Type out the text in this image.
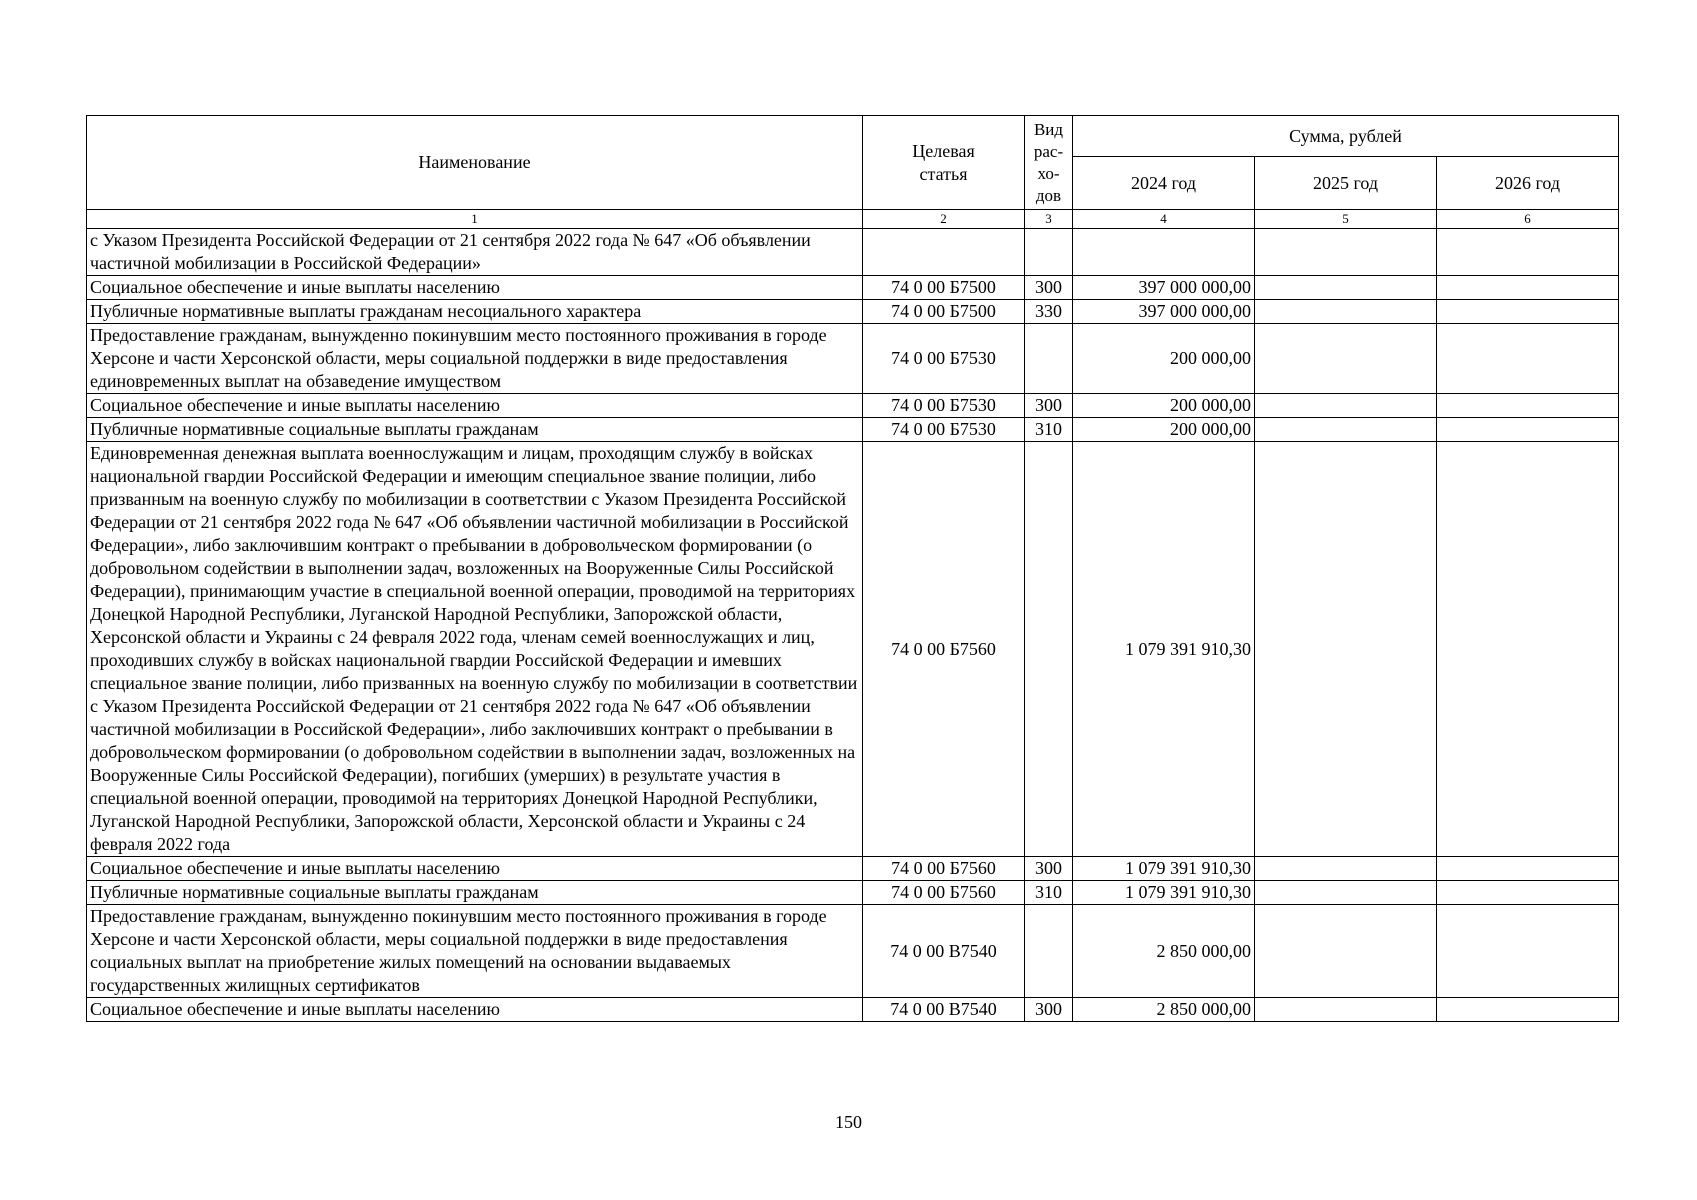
Наименование	Целевая статья	Вид рас-хо-дов	Сумма, рублей		
			2024 год	2025 год	2026 год
1	2	3	4	5	6
с Указом Президента Российской Федерации от 21 сентября 2022 года № 647 «Об объявлении частичной мобилизации в Российской Федерации»					
Социальное обеспечение и иные выплаты населению	74 0 00 Б7500	300	397 000 000,00		
Публичные нормативные выплаты гражданам несоциального характера	74 0 00 Б7500	330	397 000 000,00		
Предоставление гражданам, вынужденно покинувшим место постоянного проживания в городе Херсоне и части Херсонской области, меры социальной поддержки в виде предоставления единовременных выплат на обзаведение имуществом	74 0 00 Б7530		200 000,00		
Социальное обеспечение и иные выплаты населению	74 0 00 Б7530	300	200 000,00		
Публичные нормативные социальные выплаты гражданам	74 0 00 Б7530	310	200 000,00		
Единовременная денежная выплата военнослужащим и лицам, проходящим службу в войсках национальной гвардии Российской Федерации и имеющим специальное звание полиции, либо призванным на военную службу по мобилизации в соответствии с Указом Президента Российской Федерации от 21 сентября 2022 года № 647 «Об объявлении частичной мобилизации в Российской Федерации», либо заключившим контракт о пребывании в добровольческом формировании (о добровольном содействии в выполнении задач, возложенных на Вооруженные Силы Российской Федерации), принимающим участие в специальной военной операции, проводимой на территориях Донецкой Народной Республики, Луганской Народной Республики, Запорожской области, Херсонской области и Украины с 24 февраля 2022 года, членам семей военнослужащих и лиц, проходивших службу в войсках национальной гвардии Российской Федерации и имевших специальное звание полиции, либо призванных на военную службу по мобилизации в соответствии с Указом Президента Российской Федерации от 21 сентября 2022 года № 647 «Об объявлении частичной мобилизации в Российской Федерации», либо заключивших контракт о пребывании в добровольческом формировании (о добровольном содействии в выполнении задач, возложенных на Вооруженные Силы Российской Федерации), погибших (умерших) в результате участия в специальной военной операции, проводимой на территориях Донецкой Народной Республики, Луганской Народной Республики, Запорожской области, Херсонской области и Украины с 24 февраля 2022 года	74 0 00 Б7560		1 079 391 910,30		
Социальное обеспечение и иные выплаты населению	74 0 00 Б7560	300	1 079 391 910,30		
Публичные нормативные социальные выплаты гражданам	74 0 00 Б7560	310	1 079 391 910,30		
Предоставление гражданам, вынужденно покинувшим место постоянного проживания в городе Херсоне и части Херсонской области, меры социальной поддержки в виде предоставления социальных выплат на приобретение жилых помещений на основании выдаваемых государственных жилищных сертификатов	74 0 00 В7540		2 850 000,00		
Социальное обеспечение и иные выплаты населению	74 0 00 В7540	300	2 850 000,00		
150
